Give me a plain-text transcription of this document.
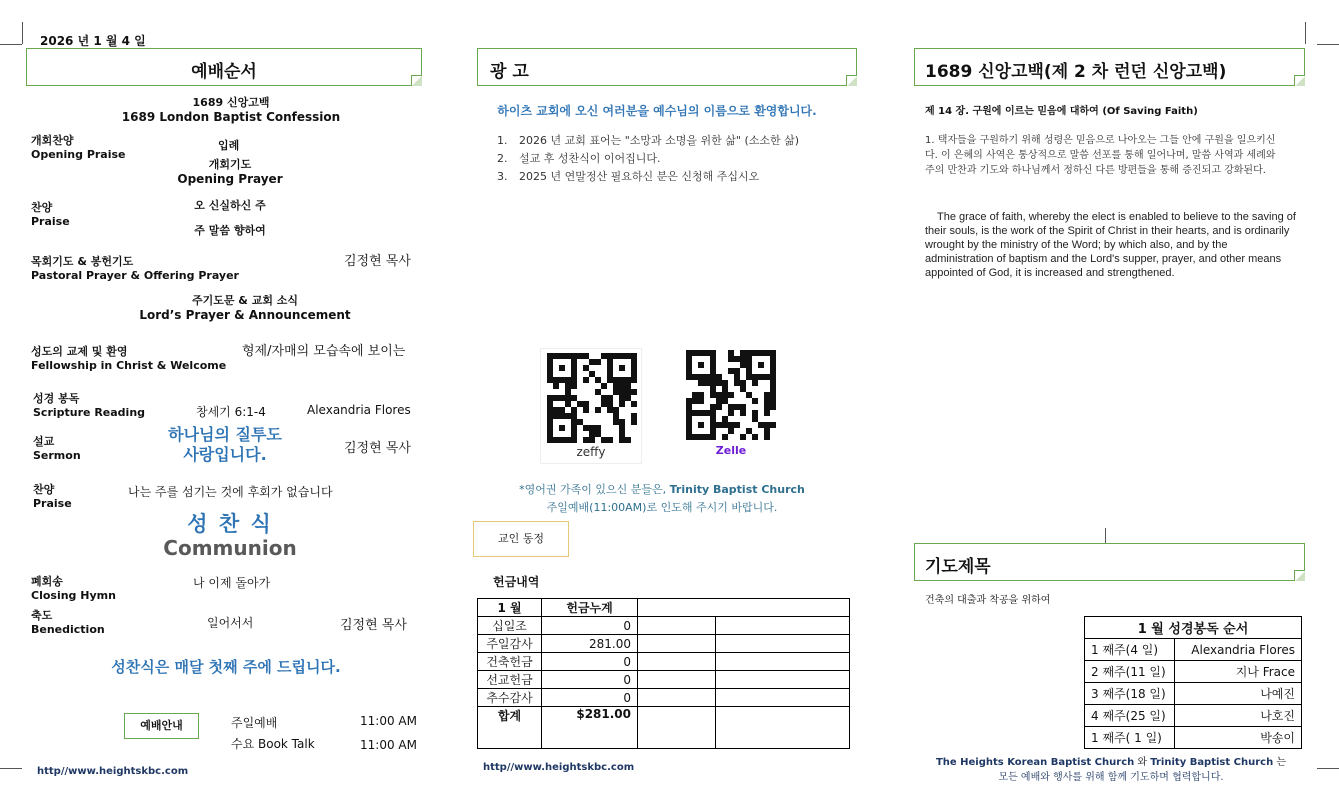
2026 년 1 월 4 일
예배순서
1689 신앙고백
1689 London Baptist Confession
개회찬양
Opening Praise
입례
개회기도
Opening Prayer
찬양
Praise
오 신실하신 주
주 말씀 향하여
목회기도 & 봉헌기도
Pastoral Prayer & Offering Prayer
김정현 목사
주기도문 & 교회 소식
Lord’s Prayer & Announcement
성도의 교제 및 환영
Fellowship in Christ & Welcome
형제/자매의 모습속에 보이는
성경 봉독
Scripture Reading	창세기 6:1-4	Alexandria Flores
설교
Sermon
하나님의 질투도
사랑입니다.	김정현 목사
찬양
Praise
나는 주를 섬기는 것에 후회가 없습니다
성 찬 식
Communion
폐회송
Closing Hymn
나 이제 돌아가
축도
Benediction	일어서서	김정현 목사
성찬식은 매달 첫째 주에 드립니다.
예배안내	주일예배	11:00 AM
수요 Book Talk	11:00 AM
http//www.heightskbc.com
광 고
하이츠 교회에 오신 여러분을 예수님의 이름으로 환영합니다.
1. 2026 년 교회 표어는 "소망과 소명을 위한 삶" (소소한 삶)
2. 설교 후 성찬식이 이어집니다.
3. 2025 년 연말정산 필요하신 분은 신청해 주십시오
zeffy	Zelle
*영어권 가족이 있으신 분들은, Trinity Baptist Church
주일예배(11:00AM)로 인도해 주시기 바랍니다.
교인 동정
헌금내역
1 월	헌금누계		
십일조	0		
주일감사	281.00		
건축헌금	0		
선교헌금	0		
추수감사	0		
합계	$281.00		
http//www.heightskbc.com
1689 신앙고백(제 2 차 런던 신앙고백)
제 14 장. 구원에 이르는 믿음에 대하여 (Of Saving Faith)
1. 택자들을 구원하기 위해 성령은 믿음으로 나아오는 그들 안에 구원을 일으키신다. 이 은혜의 사역은 통상적으로 말씀 선포를 통해 일어나며, 말씀 사역과 세례와 주의 만찬과 기도와 하나님께서 정하신 다른 방편들을 통해 증진되고 강화된다.
The grace of faith, whereby the elect is enabled to believe to the saving of their souls, is the work of the Spirit of Christ in their hearts, and is ordinarily wrought by the ministry of the Word; by which also, and by the administration of baptism and the Lord's supper, prayer, and other means appointed of God, it is increased and strengthened.
기도제목
건축의 대출과 착공을 위하여
1 월 성경봉독 순서	
1 째주(4 일)	Alexandria Flores
2 째주(11 일)	지나 Frace
3 째주(18 일)	나예진
4 째주(25 일)	나호진
1 째주( 1 일)	박송이
The Heights Korean Baptist Church 와 Trinity Baptist Church 는
모든 예배와 행사를 위해 함께 기도하며 협력합니다.
